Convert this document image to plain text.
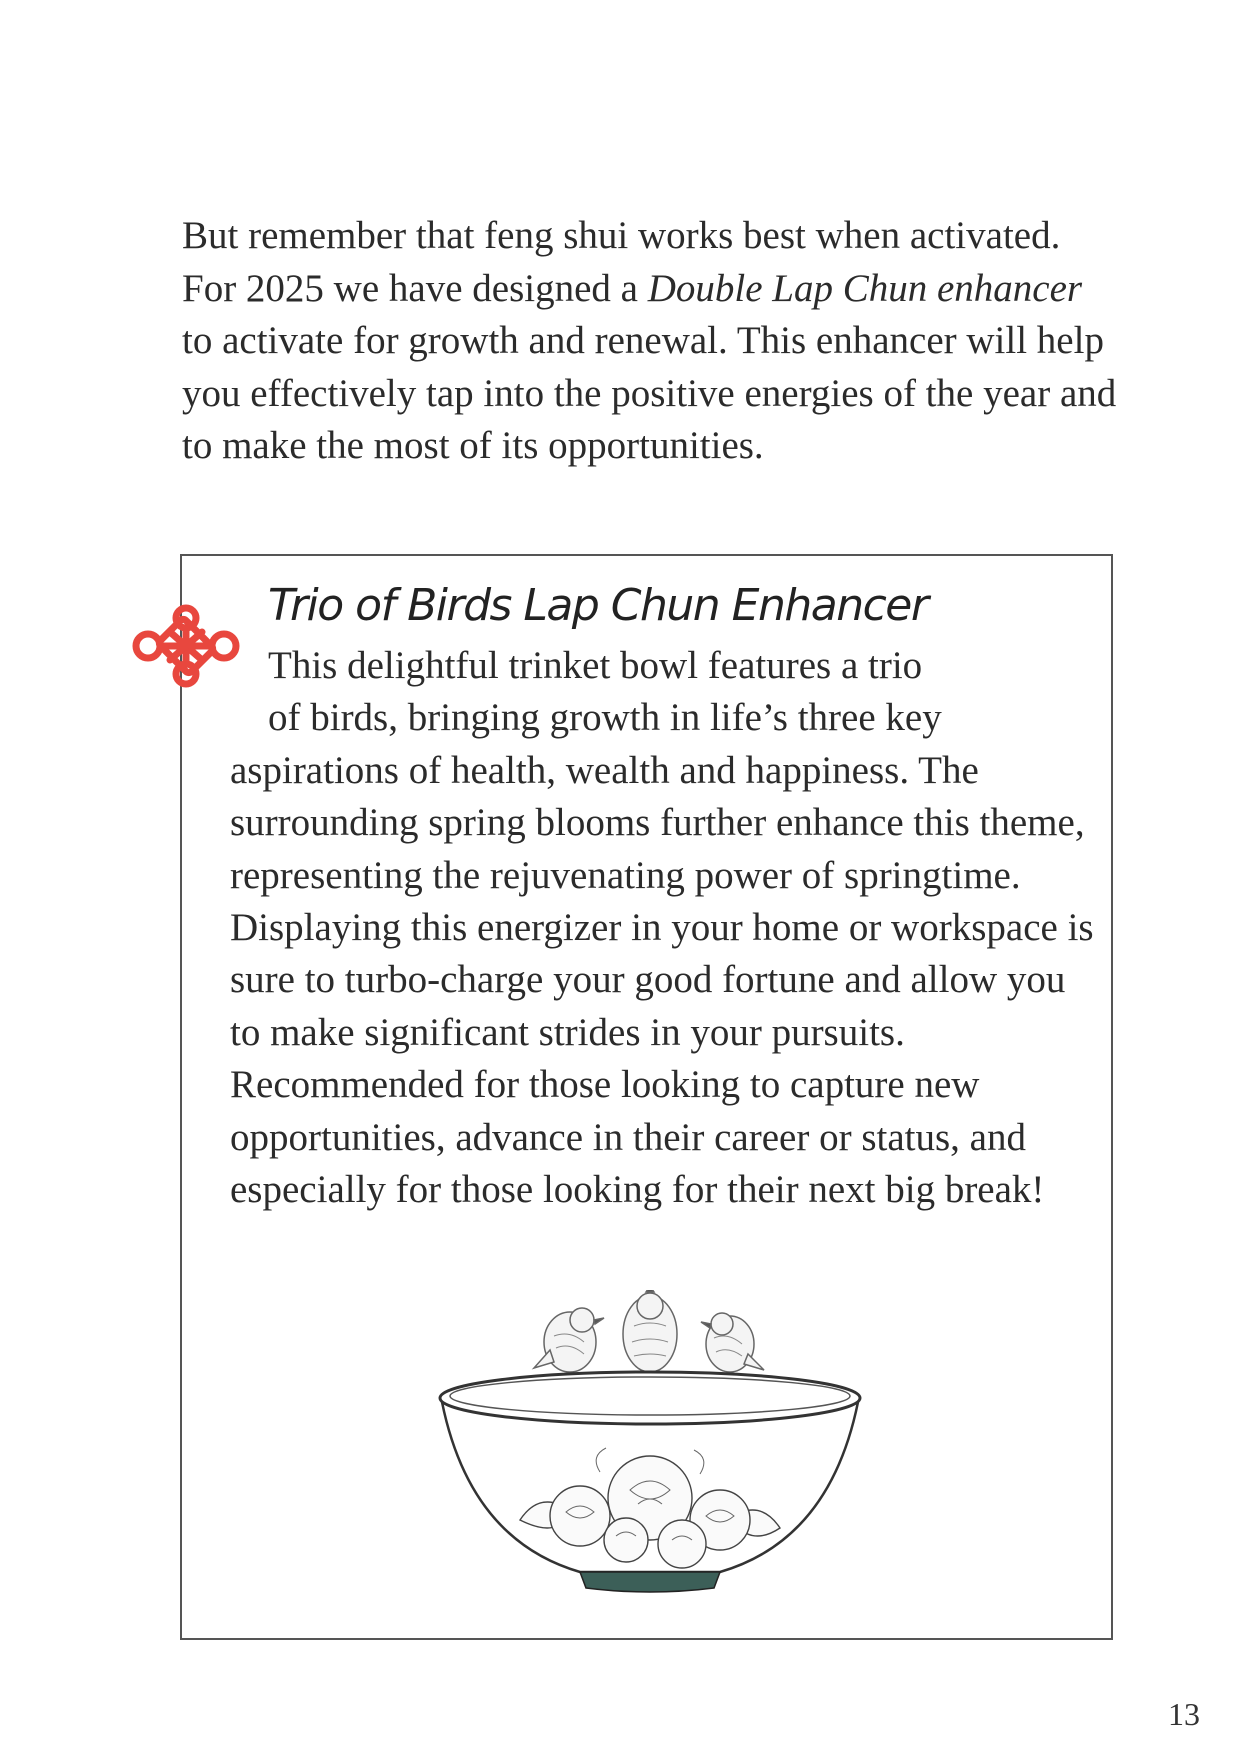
But remember that feng shui works best when activated. For 2025 we have designed a Double Lap Chun enhancer to activate for growth and renewal. This enhancer will help you effectively tap into the positive energies of the year and to make the most of its opportunities.

Trio of Birds Lap Chun Enhancer

This delightful trinket bowl features a trio
of birds, bringing growth in life’s three key
aspirations of health, wealth and happiness. The surrounding spring blooms further enhance this theme, representing the rejuvenating power of springtime. Displaying this energizer in your home or workspace is sure to turbo-charge your good fortune and allow you to make significant strides in your pursuits. Recommended for those looking to capture new opportunities, advance in their career or status, and especially for those looking for their next big break!

13
